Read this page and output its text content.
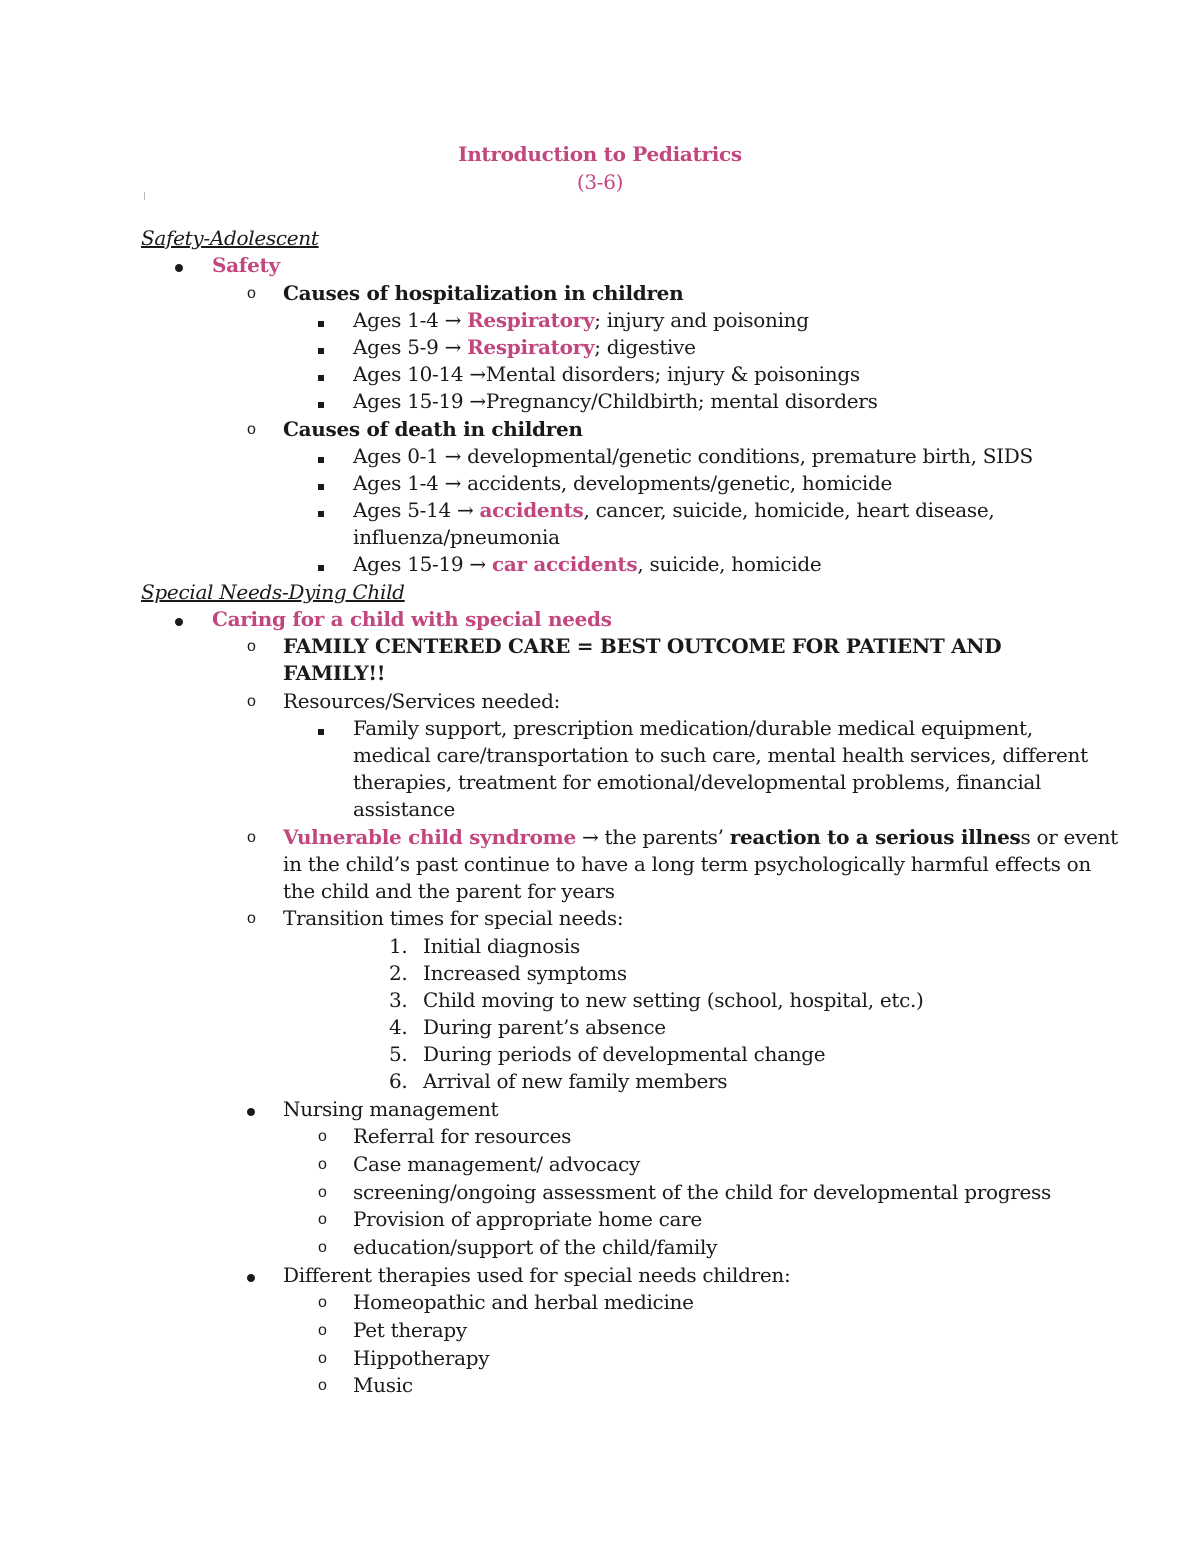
Introduction to Pediatrics
(3-6)
Safety-Adolescent
Safety
o Causes of hospitalization in children
Ages 1-4 → Respiratory; injury and poisoning
Ages 5-9 → Respiratory; digestive
Ages 10-14 →Mental disorders; injury & poisonings
Ages 15-19 →Pregnancy/Childbirth; mental disorders
o Causes of death in children
Ages 0-1 → developmental/genetic conditions, premature birth, SIDS
Ages 1-4 → accidents, developments/genetic, homicide
Ages 5-14 → accidents, cancer, suicide, homicide, heart disease,
influenza/pneumonia
Ages 15-19 → car accidents, suicide, homicide
Special Needs-Dying Child
Caring for a child with special needs
o FAMILY CENTERED CARE = BEST OUTCOME FOR PATIENT AND
FAMILY!!
o Resources/Services needed:
Family support, prescription medication/durable medical equipment,
medical care/transportation to such care, mental health services, different
therapies, treatment for emotional/developmental problems, financial
assistance
o Vulnerable child syndrome → the parents’ reaction to a serious illness or event
in the child’s past continue to have a long term psychologically harmful effects on
the child and the parent for years
o Transition times for special needs:
1. Initial diagnosis
2. Increased symptoms
3. Child moving to new setting (school, hospital, etc.)
4. During parent’s absence
5. During periods of developmental change
6. Arrival of new family members
Nursing management
o Referral for resources
o Case management/ advocacy
o screening/ongoing assessment of the child for developmental progress
o Provision of appropriate home care
o education/support of the child/family
Different therapies used for special needs children:
o Homeopathic and herbal medicine
o Pet therapy
o Hippotherapy
o Music
